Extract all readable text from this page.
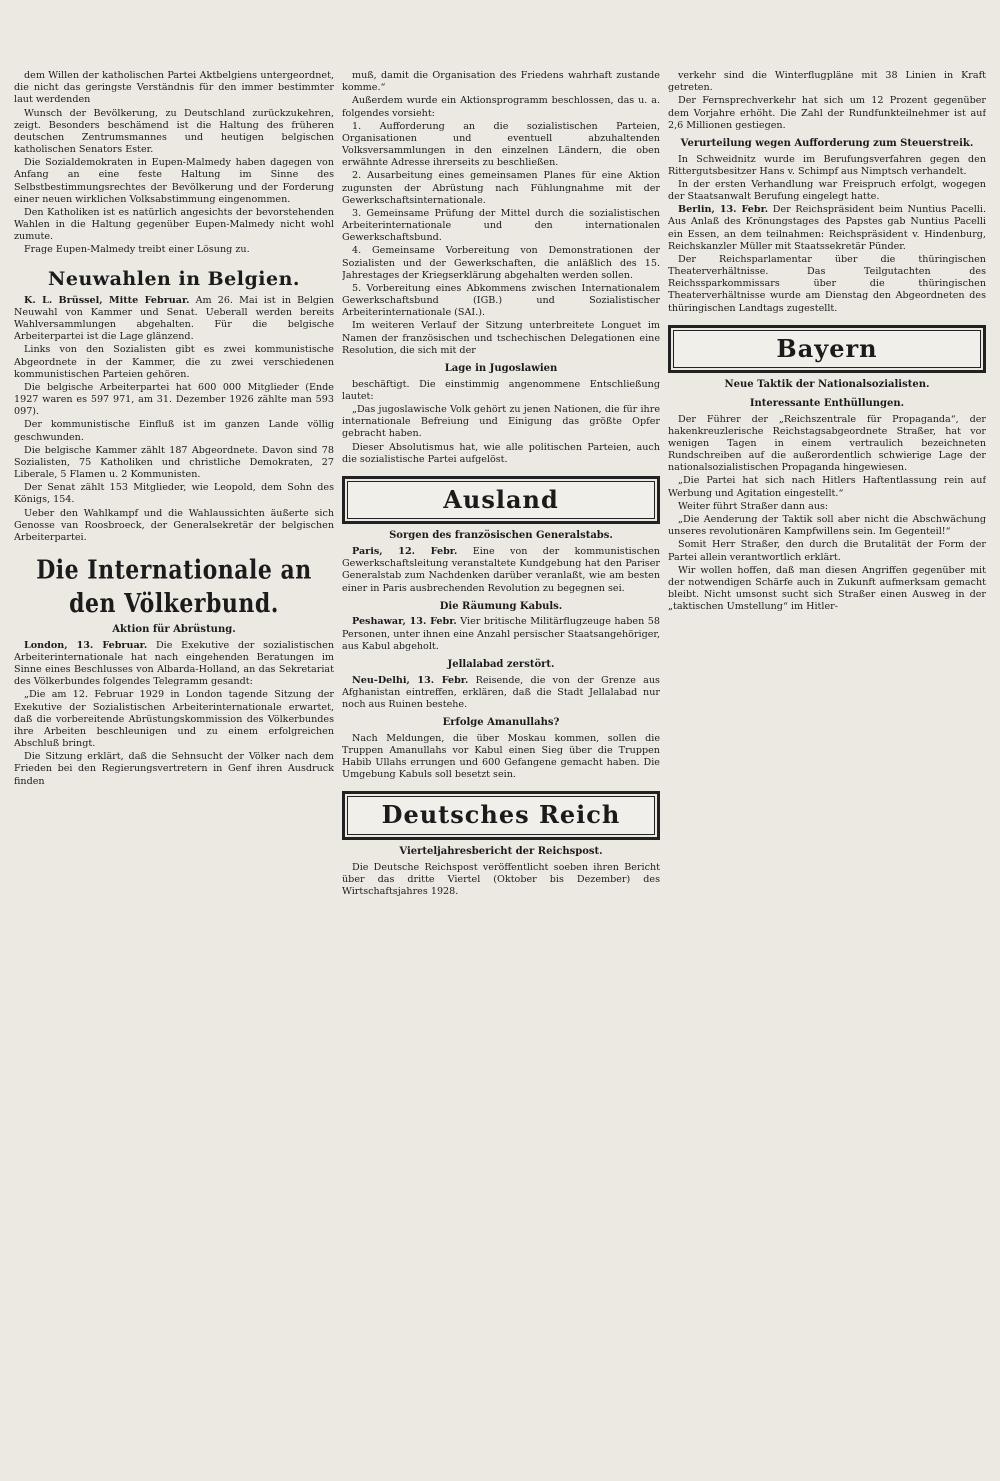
dem Willen der katholischen Partei Aktbelgiens untergeordnet, die nicht das geringste Verständnis für den immer bestimmter laut werdenden

Wunsch der Bevölkerung, zu Deutschland zurückzukehren, zeigt. Besonders beschämend ist die Haltung des früheren deutschen Zentrumsmannes und heutigen belgischen katholischen Senators Ester.

Die Sozialdemokraten in Eupen-Malmedy haben dagegen von Anfang an eine feste Haltung im Sinne des Selbstbestimmungsrechtes der Bevölkerung und der Forderung einer neuen wirklichen Volksabstimmung eingenommen.

Den Katholiken ist es natürlich angesichts der bevorstehenden Wahlen in die Haltung gegenüber Eupen-Malmedy nicht wohl zumute.

Frage Eupen-Malmedy treibt einer Lösung zu.

Neuwahlen in Belgien.

K. L. Brüssel, Mitte Februar. Am 26. Mai ist in Belgien Neuwahl von Kammer und Senat. Ueberall werden bereits Wahlversammlungen abgehalten. Für die belgische Arbeiterpartei ist die Lage glänzend.

Links von den Sozialisten gibt es zwei kommunistische Abgeordnete in der Kammer, die zu zwei verschiedenen kommunistischen Parteien gehören.

Die belgische Arbeiterpartei hat 600 000 Mitglieder (Ende 1927 waren es 597 971, am 31. Dezember 1926 zählte man 593 097).

Der kommunistische Einfluß ist im ganzen Lande völlig geschwunden.

Die belgische Kammer zählt 187 Abgeordnete. Davon sind 78 Sozialisten, 75 Katholiken und christliche Demokraten, 27 Liberale, 5 Flamen u. 2 Kommunisten.

Der Senat zählt 153 Mitglieder, wie Leopold, dem Sohn des Königs, 154.

Ueber den Wahlkampf und die Wahlaussichten äußerte sich Genosse van Roosbroeck, der Generalsekretär der belgischen Arbeiterpartei.

Die Internationale an den Völkerbund.
Aktion für Abrüstung.

London, 13. Februar. Die Exekutive der sozialistischen Arbeiterinternationale hat nach eingehenden Beratungen im Sinne eines Beschlusses von Albarda-Holland, an das Sekretariat des Völkerbundes folgendes Telegramm gesandt:

„Die am 12. Februar 1929 in London tagende Sitzung der Exekutive der Sozialistischen Arbeiterinternationale erwartet, daß die vorbereitende Abrüstungskommission des Völkerbundes ihre Arbeiten beschleunigen und zu einem erfolgreichen Abschluß bringt.

Die Sitzung erklärt, daß die Sehnsucht der Völker nach dem Frieden bei den Regierungsvertretern in Genf ihren Ausdruck finden

muß, damit die Organisation des Friedens wahrhaft zustande komme.“

Außerdem wurde ein Aktionsprogramm beschlossen, das u. a. folgendes vorsieht:

1. Aufforderung an die sozialistischen Parteien, Organisationen und eventuell abzuhaltenden Volksversammlungen in den einzelnen Ländern, die oben erwähnte Adresse ihrerseits zu beschließen.

2. Ausarbeitung eines gemeinsamen Planes für eine Aktion zugunsten der Abrüstung nach Fühlungnahme mit der Gewerkschaftsinternationale.

3. Gemeinsame Prüfung der Mittel durch die sozialistischen Arbeiterinternationale und den internationalen Gewerkschaftsbund.

4. Gemeinsame Vorbereitung von Demonstrationen der Sozialisten und der Gewerkschaften, die anläßlich des 15. Jahrestages der Kriegserklärung abgehalten werden sollen.

5. Vorbereitung eines Abkommens zwischen Internationalem Gewerkschaftsbund (IGB.) und Sozialistischer Arbeiterinternationale (SAI.).

Im weiteren Verlauf der Sitzung unterbreitete Longuet im Namen der französischen und tschechischen Delegationen eine Resolution, die sich mit der

Lage in Jugoslawien

beschäftigt. Die einstimmig angenommene Entschließung lautet:

„Das jugoslawische Volk gehört zu jenen Nationen, die für ihre internationale Befreiung und Einigung das größte Opfer gebracht haben.

Dieser Absolutismus hat, wie alle politischen Parteien, auch die sozialistische Partei aufgelöst.

Ausland
Sorgen des französischen Generalstabs.

Paris, 12. Febr. Eine von der kommunistischen Gewerkschaftsleitung veranstaltete Kundgebung hat den Pariser Generalstab zum Nachdenken darüber veranlaßt, wie am besten einer in Paris ausbrechenden Revolution zu begegnen sei.

Die Räumung Kabuls.

Peshawar, 13. Febr. Vier britische Militärflugzeuge haben 58 Personen, unter ihnen eine Anzahl persischer Staatsangehöriger, aus Kabul abgeholt.

Jellalabad zerstört.

Neu-Delhi, 13. Febr. Reisende, die von der Grenze aus Afghanistan eintreffen, erklären, daß die Stadt Jellalabad nur noch aus Ruinen bestehe.

Erfolge Amanullahs?

Nach Meldungen, die über Moskau kommen, sollen die Truppen Amanullahs vor Kabul einen Sieg über die Truppen Habib Ullahs errungen und 600 Gefangene gemacht haben. Die Umgebung Kabuls soll besetzt sein.

Deutsches Reich
Vierteljahresbericht der Reichspost.

Die Deutsche Reichspost veröffentlicht soeben ihren Bericht über das dritte Viertel (Oktober bis Dezember) des Wirtschaftsjahres 1928.

verkehr sind die Winterflugpläne mit 38 Linien in Kraft getreten.

Der Fernsprechverkehr hat sich um 12 Prozent gegenüber dem Vorjahre erhöht. Die Zahl der Rundfunkteilnehmer ist auf 2,6 Millionen gestiegen.

Verurteilung wegen Aufforderung zum Steuerstreik.

In Schweidnitz wurde im Berufungsverfahren gegen den Rittergutsbesitzer Hans v. Schimpf aus Nimptsch verhandelt.

In der ersten Verhandlung war Freispruch erfolgt, wogegen der Staatsanwalt Berufung eingelegt hatte.

Berlin, 13. Febr. Der Reichspräsident beim Nuntius Pacelli. Aus Anlaß des Krönungstages des Papstes gab Nuntius Pacelli ein Essen, an dem teilnahmen: Reichspräsident v. Hindenburg, Reichskanzler Müller mit Staatssekretär Pünder.

Der Reichsparlamentar über die thüringischen Theaterverhältnisse. Das Teilgutachten des Reichssparkommissars über die thüringischen Theaterverhältnisse wurde am Dienstag den Abgeordneten des thüringischen Landtags zugestellt.

Bayern
Neue Taktik der Nationalsozialisten.
Interessante Enthüllungen.

Der Führer der „Reichszentrale für Propaganda“, der hakenkreuzlerische Reichstagsabgeordnete Straßer, hat vor wenigen Tagen in einem vertraulich bezeichneten Rundschreiben auf die außerordentlich schwierige Lage der nationalsozialistischen Propaganda hingewiesen.

„Die Partei hat sich nach Hitlers Haftentlassung rein auf Werbung und Agitation eingestellt.“

Weiter führt Straßer dann aus:

„Die Aenderung der Taktik soll aber nicht die Abschwächung unseres revolutionären Kampfwillens sein. Im Gegenteil!“

Somit Herr Straßer, den durch die Brutalität der Form der Partei allein verantwortlich erklärt.

Wir wollen hoffen, daß man diesen Angriffen gegenüber mit der notwendigen Schärfe auch in Zukunft aufmerksam gemacht bleibt. Nicht umsonst sucht sich Straßer einen Ausweg in der „taktischen Umstellung“ im Hitler-
